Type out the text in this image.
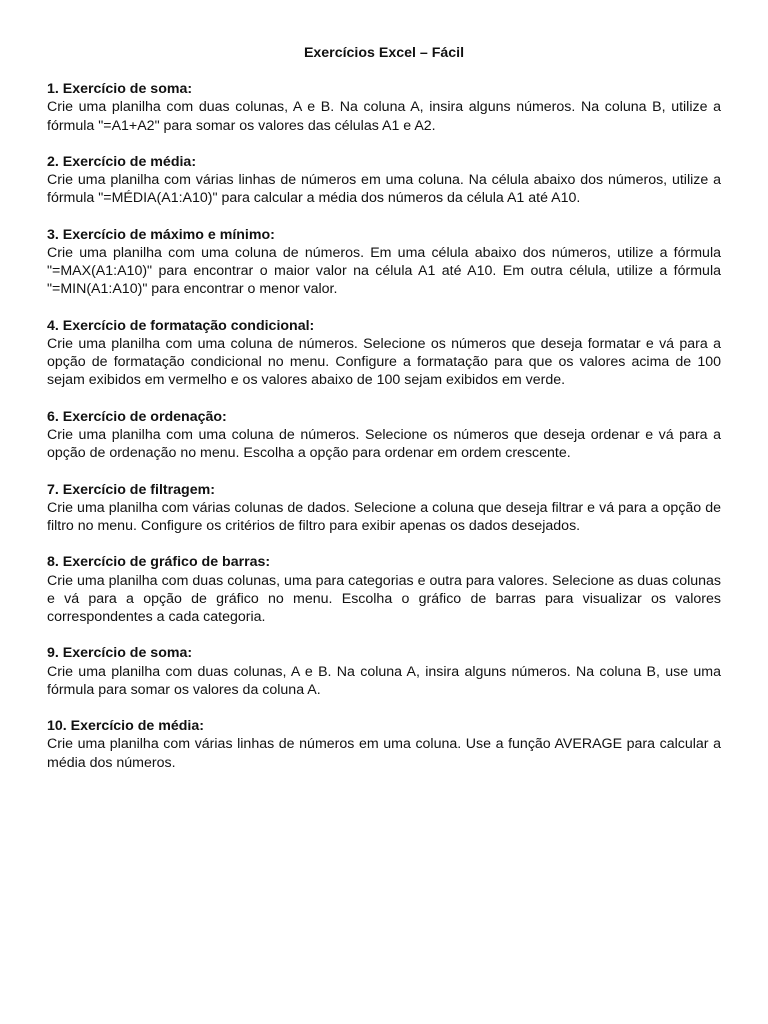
Exercícios Excel – Fácil

1. Exercício de soma:

Crie uma planilha com duas colunas, A e B. Na coluna A, insira alguns números. Na coluna B, utilize a fórmula "=A1+A2" para somar os valores das células A1 e A2.

2. Exercício de média:

Crie uma planilha com várias linhas de números em uma coluna. Na célula abaixo dos números, utilize a fórmula "=MÉDIA(A1:A10)" para calcular a média dos números da célula A1 até A10.

3. Exercício de máximo e mínimo:

Crie uma planilha com uma coluna de números. Em uma célula abaixo dos números, utilize a fórmula "=MAX(A1:A10)" para encontrar o maior valor na célula A1 até A10. Em outra célula, utilize a fórmula "=MIN(A1:A10)" para encontrar o menor valor.

4. Exercício de formatação condicional:

Crie uma planilha com uma coluna de números. Selecione os números que deseja formatar e vá para a opção de formatação condicional no menu. Configure a formatação para que os valores acima de 100 sejam exibidos em vermelho e os valores abaixo de 100 sejam exibidos em verde.

6. Exercício de ordenação:

Crie uma planilha com uma coluna de números. Selecione os números que deseja ordenar e vá para a opção de ordenação no menu. Escolha a opção para ordenar em ordem crescente.

7. Exercício de filtragem:

Crie uma planilha com várias colunas de dados. Selecione a coluna que deseja filtrar e vá para a opção de filtro no menu. Configure os critérios de filtro para exibir apenas os dados desejados.

8. Exercício de gráfico de barras:

Crie uma planilha com duas colunas, uma para categorias e outra para valores. Selecione as duas colunas e vá para a opção de gráfico no menu. Escolha o gráfico de barras para visualizar os valores correspondentes a cada categoria.

9. Exercício de soma:

Crie uma planilha com duas colunas, A e B. Na coluna A, insira alguns números. Na coluna B, use uma fórmula para somar os valores da coluna A.

10. Exercício de média:

Crie uma planilha com várias linhas de números em uma coluna. Use a função AVERAGE para calcular a média dos números.
